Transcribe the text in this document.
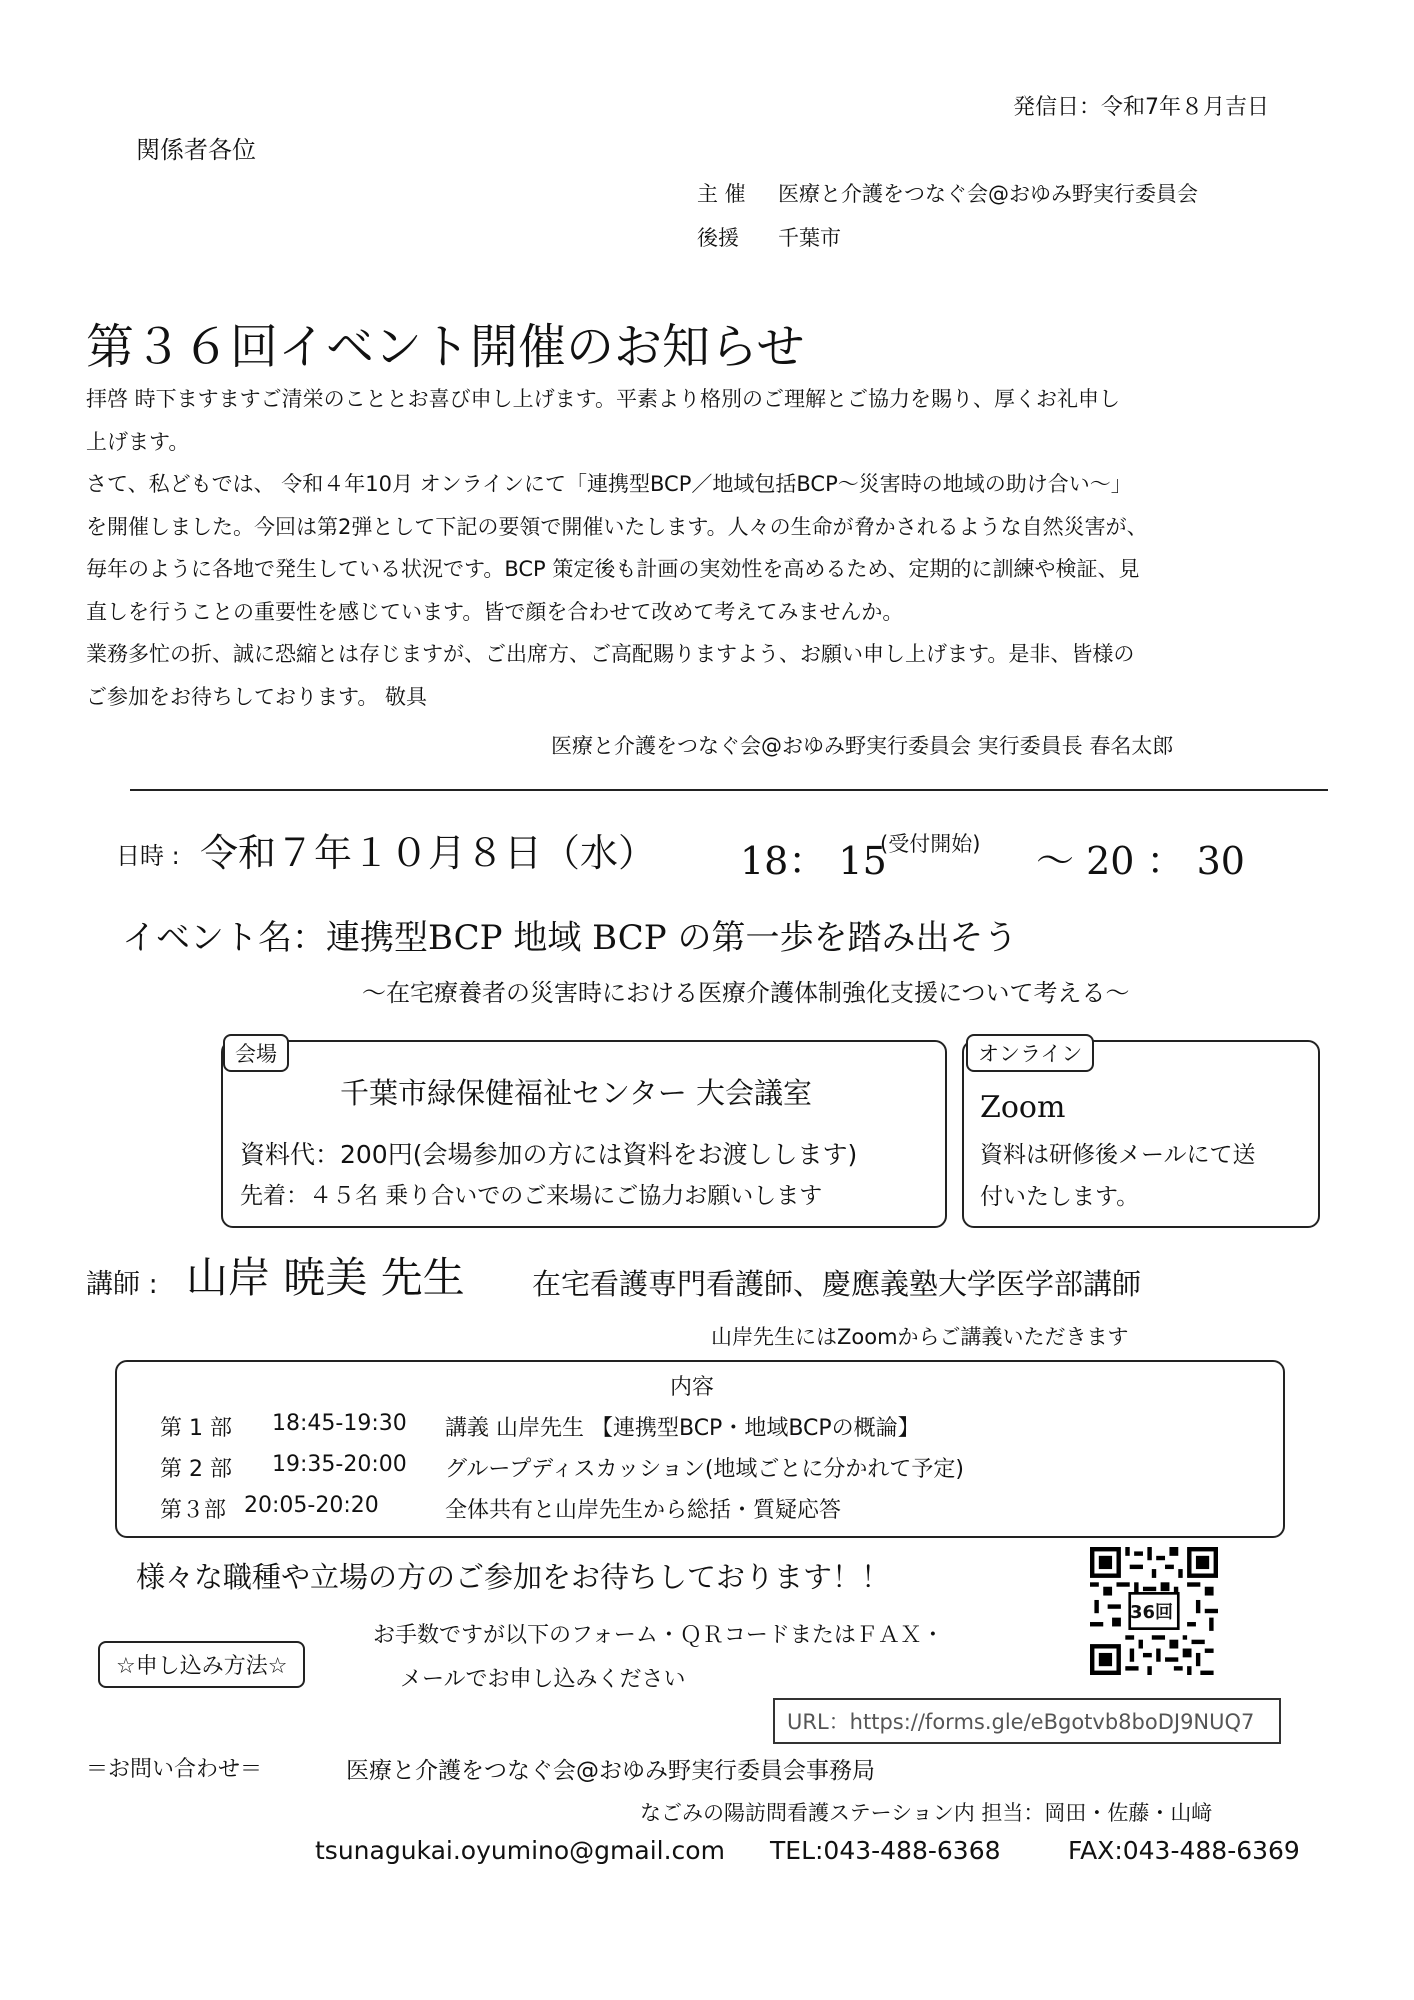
発信日：令和7年８月吉日
関係者各位
主 催 医療と介護をつなぐ会@おゆみ野実行委員会
後援 千葉市
第３６回イベント開催のお知らせ

拝啓 時下ますますご清栄のこととお喜び申し上げます。平素より格別のご理解とご協力を賜り、厚くお礼申し

上げます。

さて、私どもでは、 令和４年10月 オンラインにて「連携型BCP／地域包括BCP〜災害時の地域の助け合い〜」

を開催しました。今回は第2弾として下記の要領で開催いたします。人々の生命が脅かされるような自然災害が、

毎年のように各地で発生している状況です。BCP 策定後も計画の実効性を高めるため、定期的に訓練や検証、見

直しを行うことの重要性を感じています。皆で顔を合わせて改めて考えてみませんか。

業務多忙の折、誠に恐縮とは存じますが、ご出席方、ご高配賜りますよう、お願い申し上げます。是非、皆様の

ご参加をお待ちしております。 敬具

医療と介護をつなぐ会@おゆみ野実行委員会 実行委員長 春名太郎
日時 : 令和７年１０月８日（水） 18： 15
(受付開始) 〜 20 ： 30
イベント名：連携型BCP 地域 BCP の第一歩を踏み出そう
〜在宅療養者の災害時における医療介護体制強化支援について考える〜
会場
千葉市緑保健福祉センター 大会議室
資料代：200円(会場参加の方には資料をお渡しします)
先着：４５名 乗り合いでのご来場にご協力お願いします
オンライン
Zoom
資料は研修後メールにて送
付いたします。
講師 : 山岸 暁美 先生 在宅看護専門看護師、慶應義塾大学医学部講師
山岸先生にはZoomからご講義いただきます
内容
第 1 部 18:45-19:30 講義 山岸先生 【連携型BCP・地域BCPの概論】
第 2 部 19:35-20:00 グループディスカッション(地域ごとに分かれて予定)
第３部 20:05-20:20	全体共有と山岸先生から総括・質疑応答
様々な職種や立場の方のご参加をお待ちしております！！
36回
☆申し込み方法☆
お手数ですが以下のフォーム・ＱＲコードまたはＦＡＸ・
メールでお申し込みください
URL：https://forms.gle/eBgotvb8boDJ9NUQ7
＝お問い合わせ＝	医療と介護をつなぐ会@おゆみ野実行委員会事務局
なごみの陽訪問看護ステーション内 担当：岡田・佐藤・山﨑
tsunagukai.oyumino@gmail.com TEL:043-488-6368	FAX:043-488-6369
